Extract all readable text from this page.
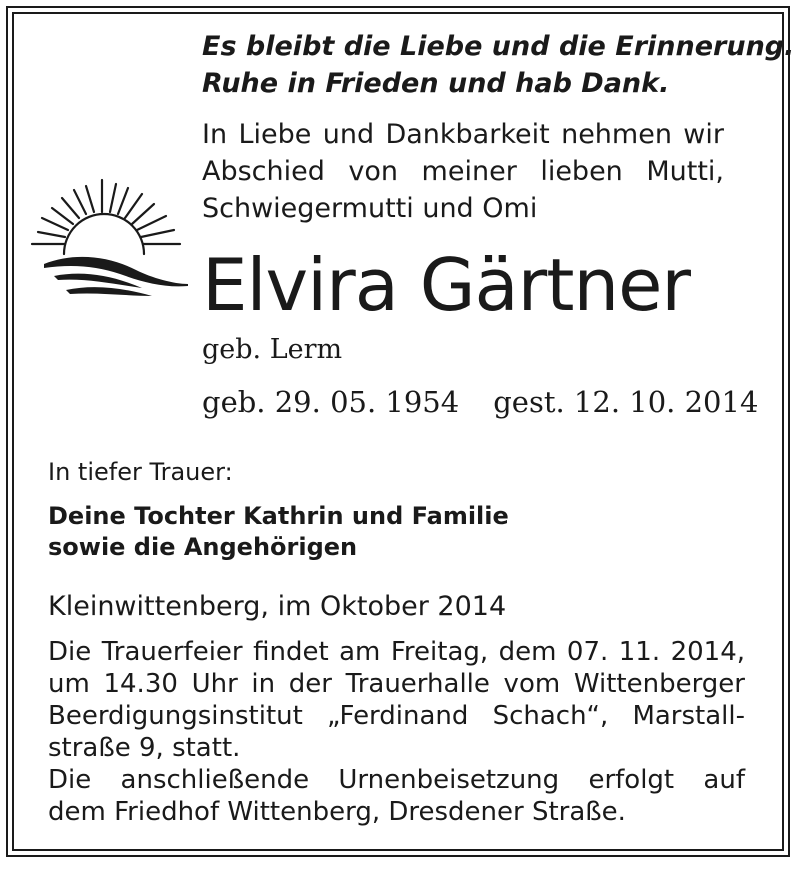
Es bleibt die Liebe und die Erinnerung.
Ruhe in Frieden und hab Dank.
In Liebe und Dankbarkeit nehmen wir
Abschied von meiner lieben Mutti,
Schwiegermutti und Omi
Elvira Gärtner
geb. Lerm
geb. 29. 05. 1954 gest. 12. 10. 2014
In tiefer Trauer:
Deine Tochter Kathrin und Familie
sowie die Angehörigen
Kleinwittenberg, im Oktober 2014
Die Trauerfeier findet am Freitag, dem 07. 11. 2014,
um 14.30 Uhr in der Trauerhalle vom Wittenberger
Beerdigungsinstitut „Ferdinand Schach“, Marstall-
straße 9, statt.
Die anschließende Urnenbeisetzung erfolgt auf
dem Friedhof Wittenberg, Dresdener Straße.
